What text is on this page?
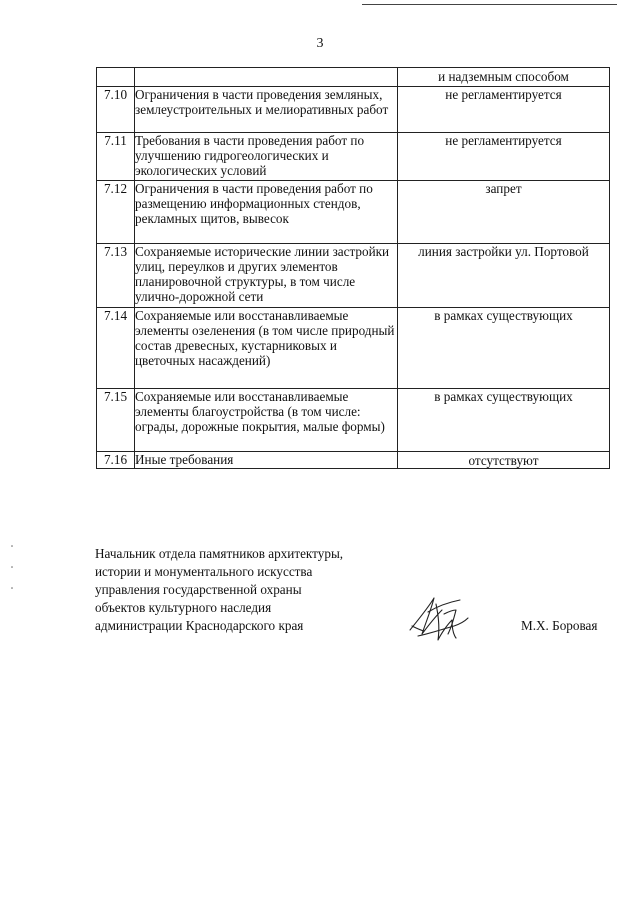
3
		и надземным способом
7.10	Ограничения в части проведения земляных, землеустроительных и мелиоративных работ	не регламентируется
7.11	Требования в части проведения работ по улучшению гидрогеологических и экологических условий	не регламентируется
7.12	Ограничения в части проведения работ по размещению информационных стендов, рекламных щитов, вывесок	запрет
7.13	Сохраняемые исторические линии застройки улиц, переулков и других элементов планировочной структуры, в том числе улично-дорожной сети	линия застройки ул. Портовой
7.14	Сохраняемые или восстанавливаемые элементы озеленения (в том числе природный состав древесных, кустарниковых и цветочных насаждений)	в рамках существующих
7.15	Сохраняемые или восстанавливаемые элементы благоустройства (в том числе: ограды, дорожные покрытия, малые формы)	в рамках существующих
7.16	Иные требования	отсутствуют
Начальник отдела памятников архитектуры,
истории и монументального искусства
управления государственной охраны
объектов культурного наследия
администрации Краснодарского края	М.Х. Боровая
